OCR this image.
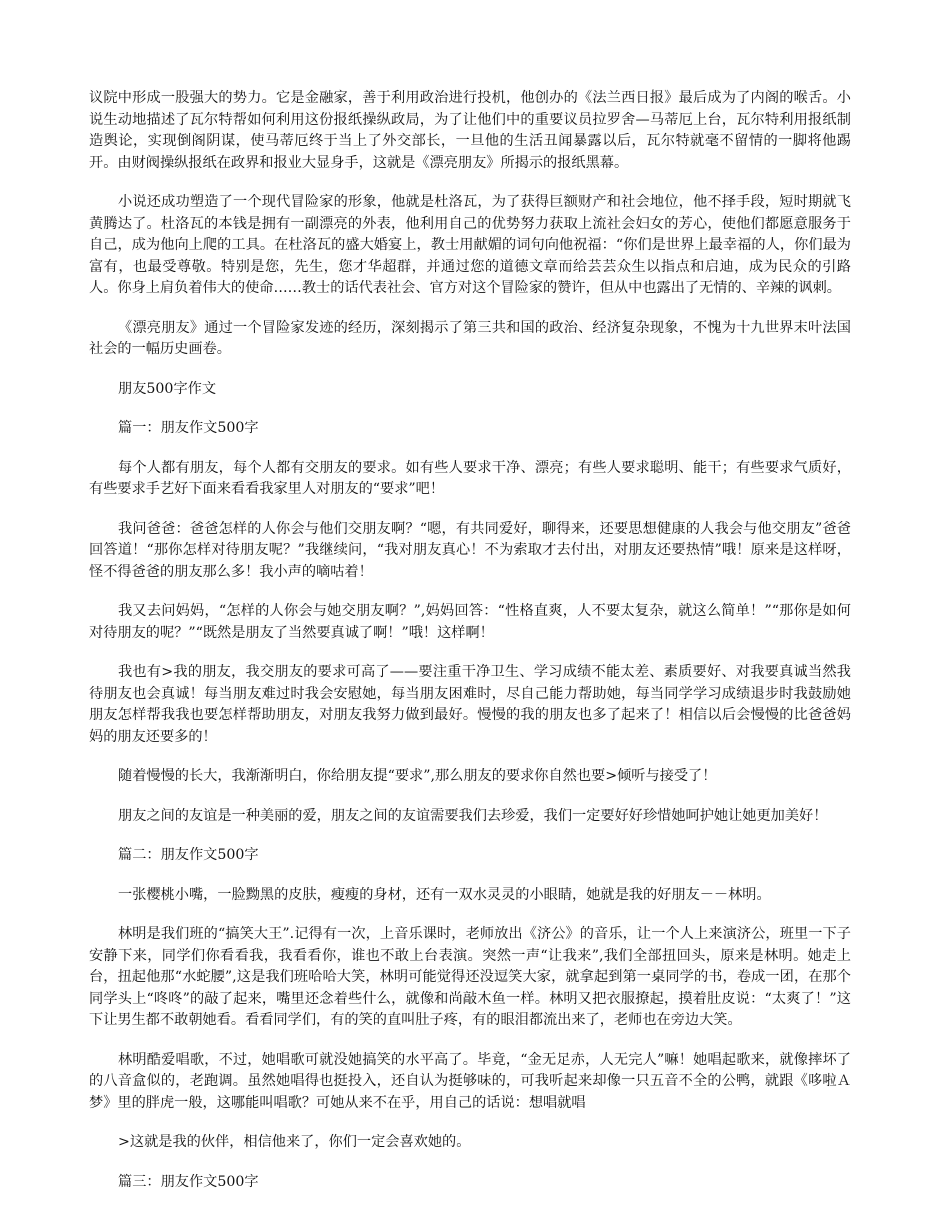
议院中形成一股强大的势力。它是金融家，善于利用政治进行投机，他创办的《法兰西日报》最后成为了内阁的喉舌。小说生动地描述了瓦尔特帮如何利用这份报纸操纵政局，为了让他们中的重要议员拉罗舍—马蒂厄上台，瓦尔特利用报纸制造舆论，实现倒阁阴谋，使马蒂厄终于当上了外交部长，一旦他的生活丑闻暴露以后，瓦尔特就毫不留情的一脚将他踢开。由财阀操纵报纸在政界和报业大显身手，这就是《漂亮朋友》所揭示的报纸黑幕。

小说还成功塑造了一个现代冒险家的形象，他就是杜洛瓦，为了获得巨额财产和社会地位，他不择手段，短时期就飞黄腾达了。杜洛瓦的本钱是拥有一副漂亮的外表，他利用自己的优势努力获取上流社会妇女的芳心，使他们都愿意服务于自己，成为他向上爬的工具。在杜洛瓦的盛大婚宴上，教士用献媚的词句向他祝福：“你们是世界上最幸福的人，你们最为富有，也最受尊敬。特别是您，先生，您才华超群，并通过您的道德文章而给芸芸众生以指点和启迪，成为民众的引路人。你身上肩负着伟大的使命……教士的话代表社会、官方对这个冒险家的赞许，但从中也露出了无情的、辛辣的讽刺。

《漂亮朋友》通过一个冒险家发迹的经历，深刻揭示了第三共和国的政治、经济复杂现象，不愧为十九世界末叶法国社会的一幅历史画卷。

朋友500字作文

篇一：朋友作文500字

每个人都有朋友，每个人都有交朋友的要求。如有些人要求干净、漂亮；有些人要求聪明、能干；有些要求气质好，有些要求手艺好下面来看看我家里人对朋友的“要求”吧！

我问爸爸：爸爸怎样的人你会与他们交朋友啊？“嗯，有共同爱好，聊得来，还要思想健康的人我会与他交朋友”爸爸回答道！“那你怎样对待朋友呢？”我继续问，“我对朋友真心！不为索取才去付出，对朋友还要热情”哦！原来是这样呀，怪不得爸爸的朋友那么多！我小声的嘀咕着！

我又去问妈妈，“怎样的人你会与她交朋友啊？”,妈妈回答：“性格直爽，人不要太复杂，就这么简单！”“那你是如何对待朋友的呢？”“既然是朋友了当然要真诚了啊！”哦！这样啊！

我也有>我的朋友，我交朋友的要求可高了——要注重干净卫生、学习成绩不能太差、素质要好、对我要真诚当然我待朋友也会真诚！每当朋友难过时我会安慰她，每当朋友困难时，尽自己能力帮助她，每当同学学习成绩退步时我鼓励她朋友怎样帮我我也要怎样帮助朋友，对朋友我努力做到最好。慢慢的我的朋友也多了起来了！相信以后会慢慢的比爸爸妈妈的朋友还要多的！

随着慢慢的长大，我渐渐明白，你给朋友提“要求”,那么朋友的要求你自然也要>倾听与接受了！

朋友之间的友谊是一种美丽的爱，朋友之间的友谊需要我们去珍爱，我们一定要好好珍惜她呵护她让她更加美好！

篇二：朋友作文500字

一张樱桃小嘴，一脸黝黑的皮肤，瘦瘦的身材，还有一双水灵灵的小眼睛，她就是我的好朋友－－林明。

林明是我们班的“搞笑大王”.记得有一次，上音乐课时，老师放出《济公》的音乐，让一个人上来演济公，班里一下子安静下来，同学们你看看我，我看看你，谁也不敢上台表演。突然一声“让我来”,我们全部扭回头，原来是林明。她走上台，扭起他那“水蛇腰”,这是我们班哈哈大笑，林明可能觉得还没逗笑大家，就拿起到第一桌同学的书，卷成一团，在那个同学头上“咚咚”的敲了起来，嘴里还念着些什么，就像和尚敲木鱼一样。林明又把衣服撩起，摸着肚皮说：“太爽了！”这下让男生都不敢朝她看。看看同学们，有的笑的直叫肚子疼，有的眼泪都流出来了，老师也在旁边大笑。

林明酷爱唱歌，不过，她唱歌可就没她搞笑的水平高了。毕竟，“金无足赤，人无完人”嘛！她唱起歌来，就像摔坏了的八音盒似的，老跑调。虽然她唱得也挺投入，还自认为挺够味的，可我听起来却像一只五音不全的公鸭，就跟《哆啦Ａ梦》里的胖虎一般，这哪能叫唱歌？可她从来不在乎，用自己的话说：想唱就唱

>这就是我的伙伴，相信他来了，你们一定会喜欢她的。

篇三：朋友作文500字
